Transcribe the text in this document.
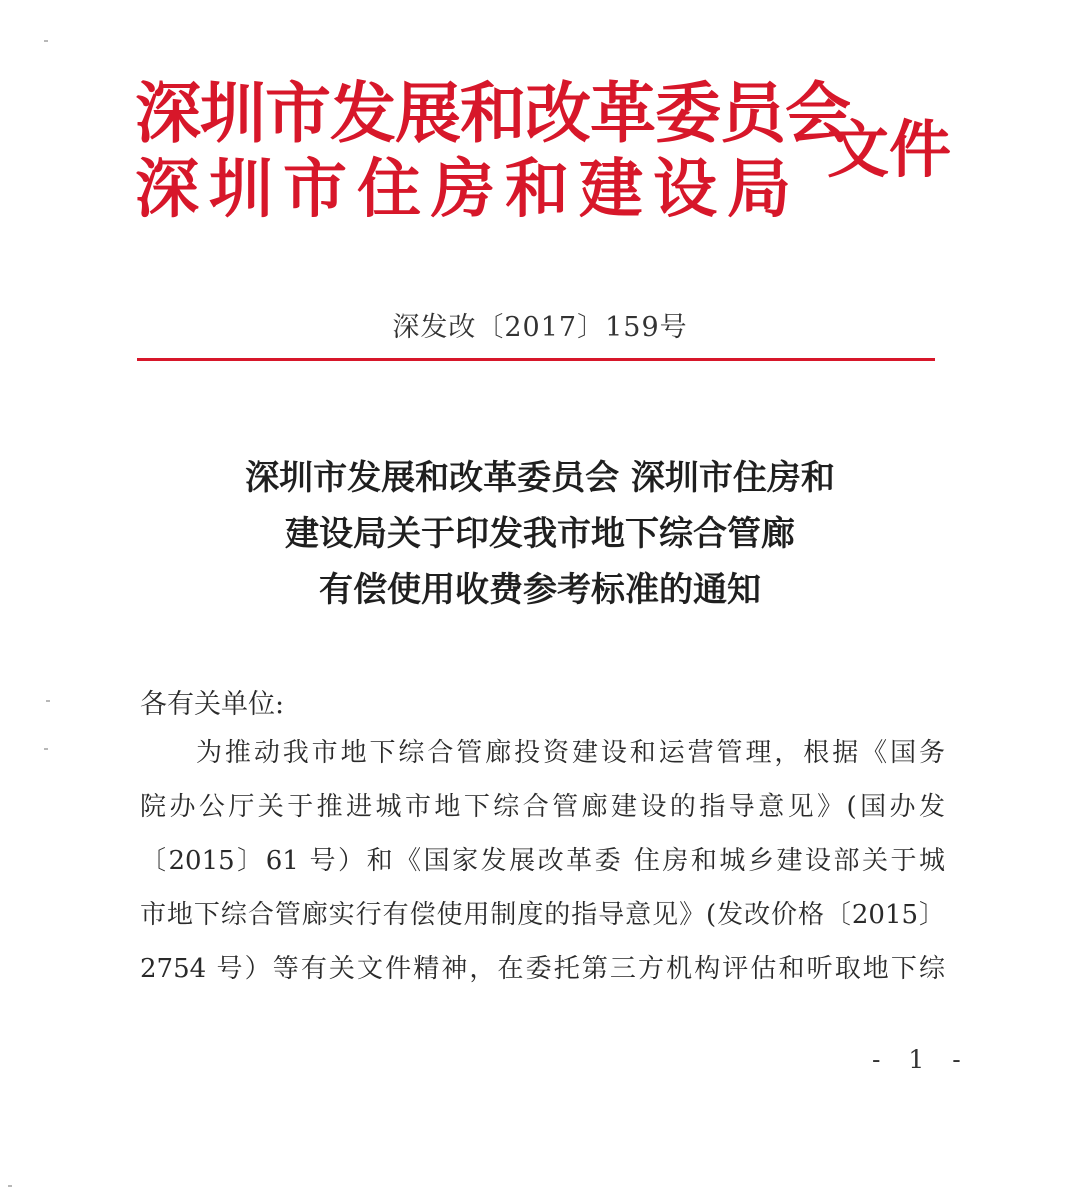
深圳市发展和改革委员会
深圳市住房和建设局
文件
深发改〔2017〕159号
深圳市发展和改革委员会 深圳市住房和
建设局关于印发我市地下综合管廊
有偿使用收费参考标准的通知
各有关单位:
为推动我市地下综合管廊投资建设和运营管理，根据《国务
院办公厅关于推进城市地下综合管廊建设的指导意见》(国办发
〔2015〕61 号）和《国家发展改革委 住房和城乡建设部关于城
市地下综合管廊实行有偿使用制度的指导意见》(发改价格〔2015〕
2754 号）等有关文件精神，在委托第三方机构评估和听取地下综
- 1 -
